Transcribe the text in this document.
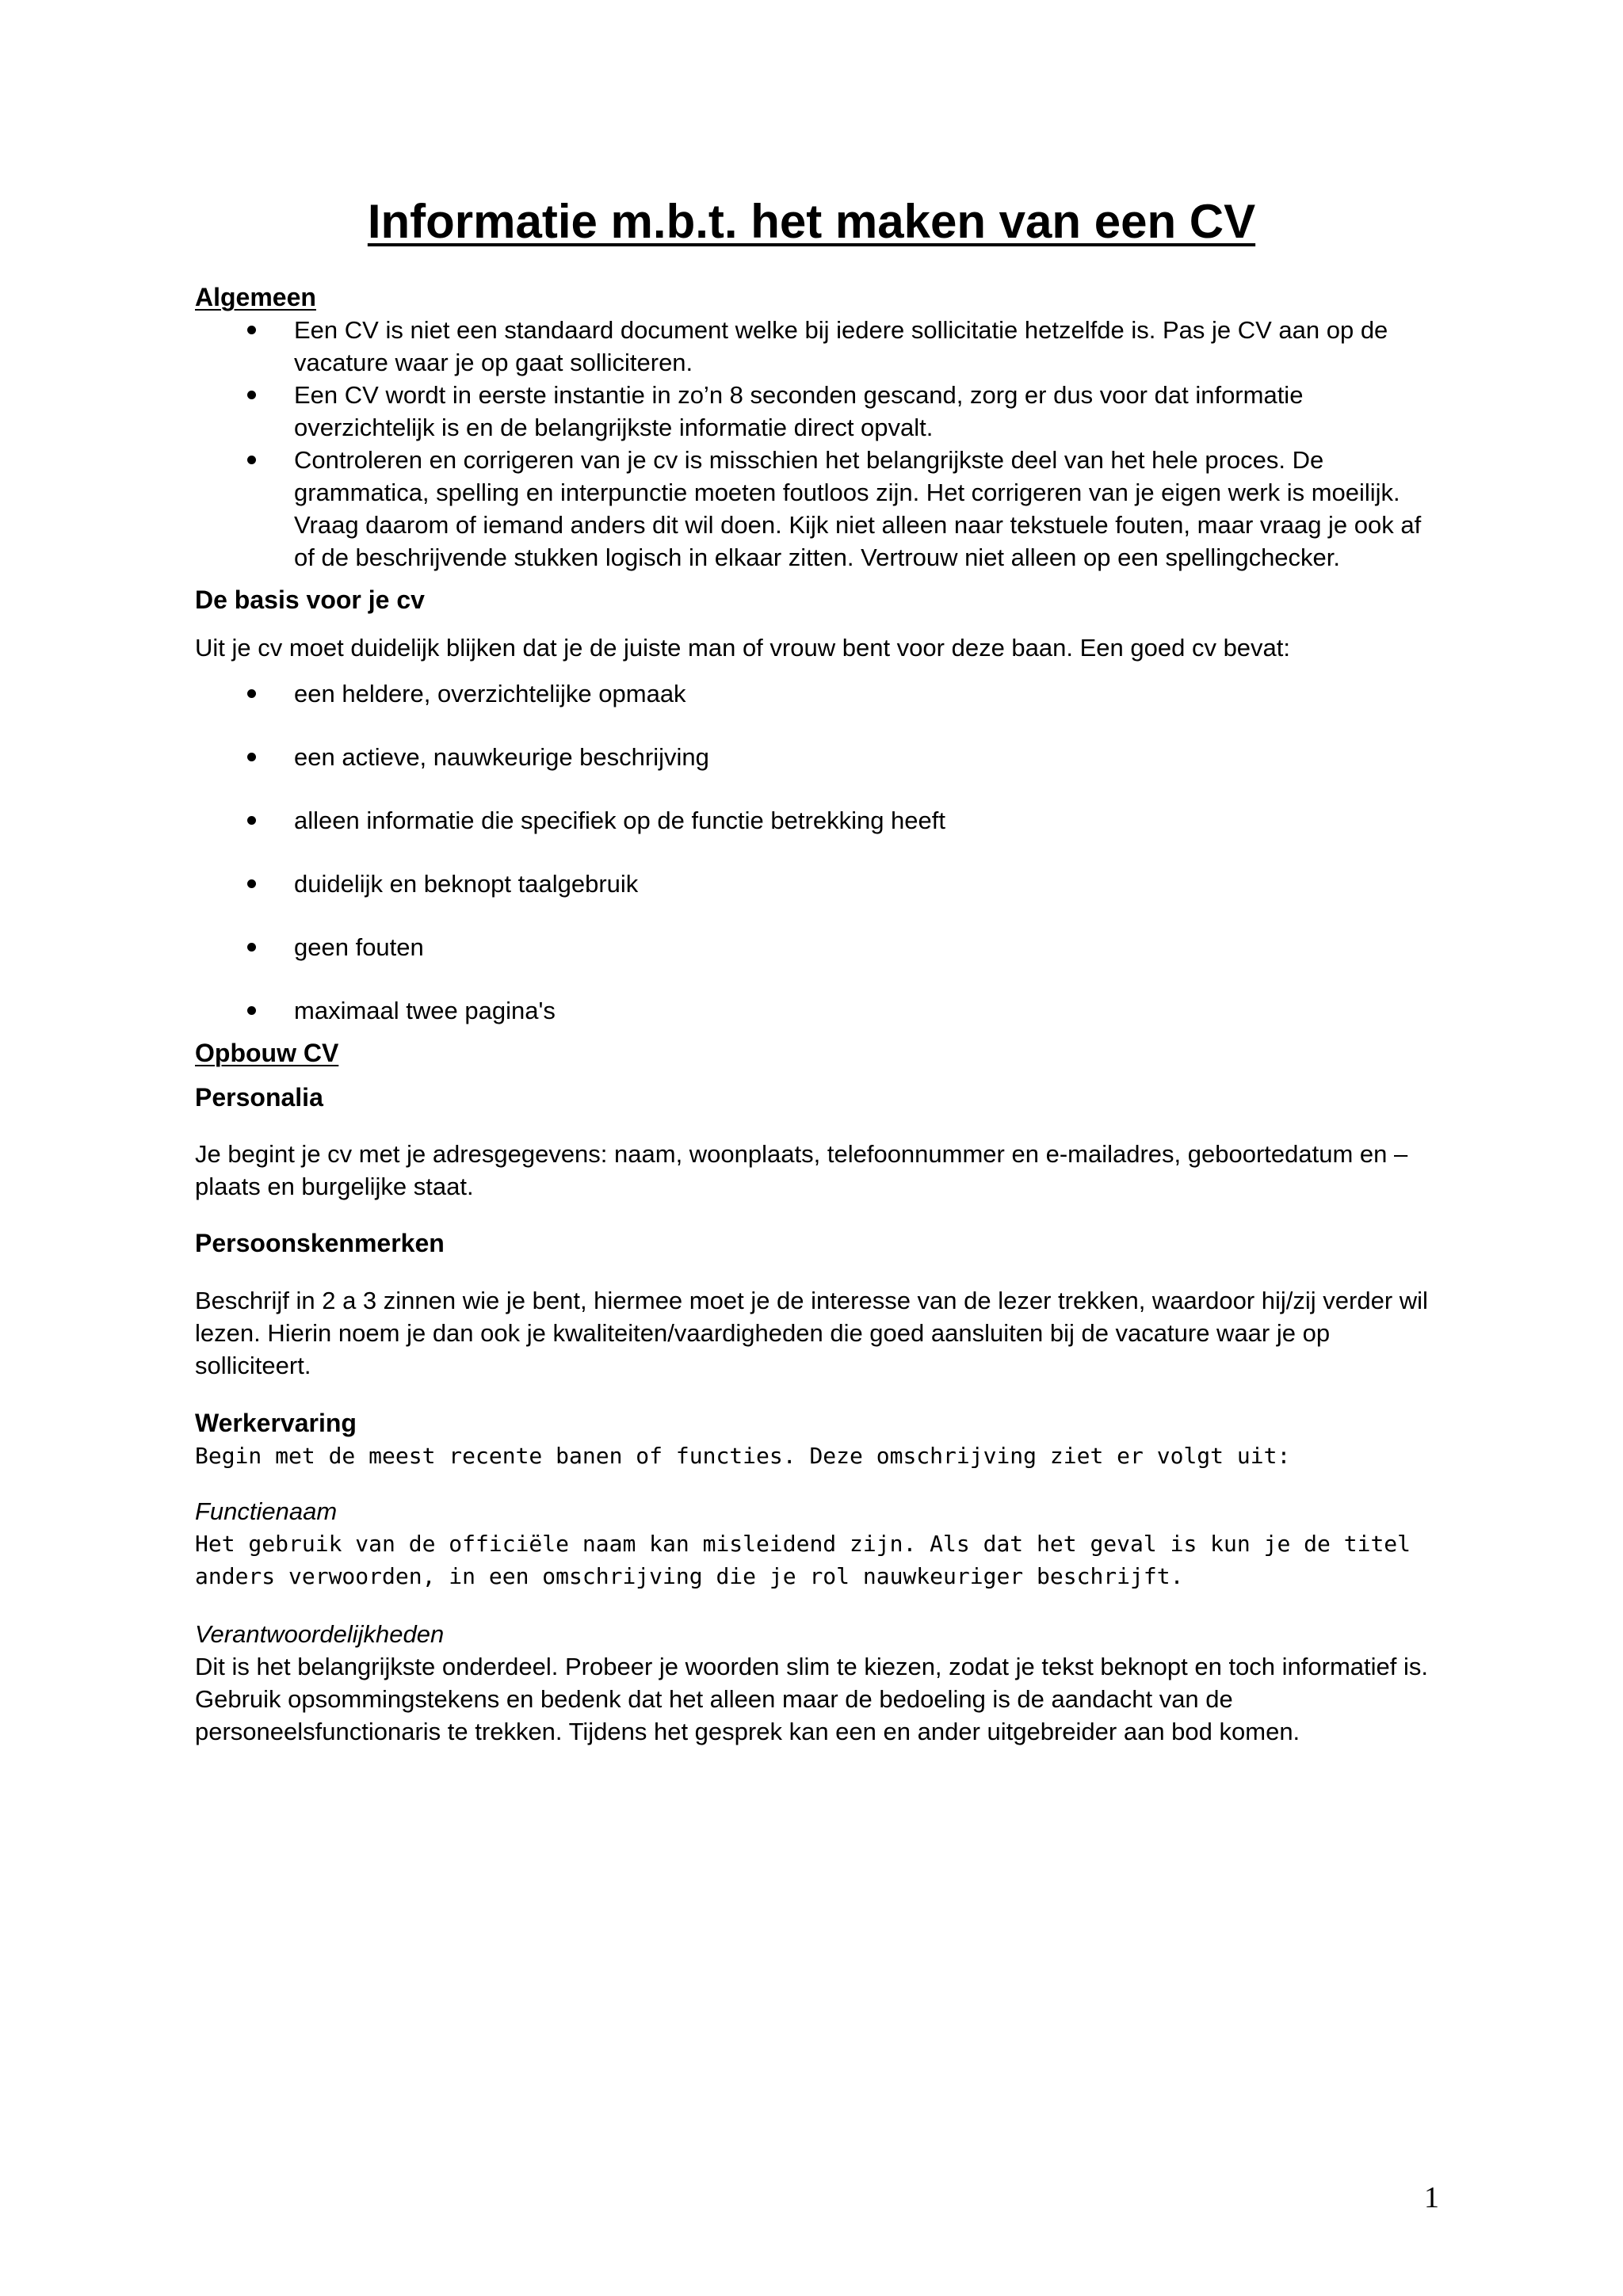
Informatie m.b.t. het maken van een CV

Algemeen

Een CV is niet een standaard document welke bij iedere sollicitatie hetzelfde is. Pas je CV aan op de vacature waar je op gaat solliciteren.
Een CV wordt in eerste instantie in zo’n 8 seconden gescand, zorg er dus voor dat informatie overzichtelijk is en de belangrijkste informatie direct opvalt.
Controleren en corrigeren van je cv is misschien het belangrijkste deel van het hele proces. De grammatica, spelling en interpunctie moeten foutloos zijn. Het corrigeren van je eigen werk is moeilijk. Vraag daarom of iemand anders dit wil doen. Kijk niet alleen naar tekstuele fouten, maar vraag je ook af of de beschrijvende stukken logisch in elkaar zitten. Vertrouw niet alleen op een spellingchecker.

De basis voor je cv

Uit je cv moet duidelijk blijken dat je de juiste man of vrouw bent voor deze baan. Een goed cv bevat:

een heldere, overzichtelijke opmaak
een actieve, nauwkeurige beschrijving
alleen informatie die specifiek op de functie betrekking heeft
duidelijk en beknopt taalgebruik
geen fouten
maximaal twee pagina's

Opbouw CV

Personalia

Je begint je cv met je adresgegevens: naam, woonplaats, telefoonnummer en e-mailadres, geboortedatum en –plaats en burgelijke staat.

Persoonskenmerken

Beschrijf in 2 a 3 zinnen wie je bent, hiermee moet je de interesse van de lezer trekken, waardoor hij/zij verder wil lezen. Hierin noem je dan ook je kwaliteiten/vaardigheden die goed aansluiten bij de vacature waar je op solliciteert.

Werkervaring

Begin met de meest recente banen of functies. Deze omschrijving ziet er volgt uit:

Functienaam

Het gebruik van de officiële naam kan misleidend zijn. Als dat het geval is kun je de titel anders verwoorden, in een omschrijving die je rol nauwkeuriger beschrijft.

Verantwoordelijkheden

Dit is het belangrijkste onderdeel. Probeer je woorden slim te kiezen, zodat je tekst beknopt en toch informatief is. Gebruik opsommingstekens en bedenk dat het alleen maar de bedoeling is de aandacht van de personeelsfunctionaris te trekken. Tijdens het gesprek kan een en ander uitgebreider aan bod komen.

1
